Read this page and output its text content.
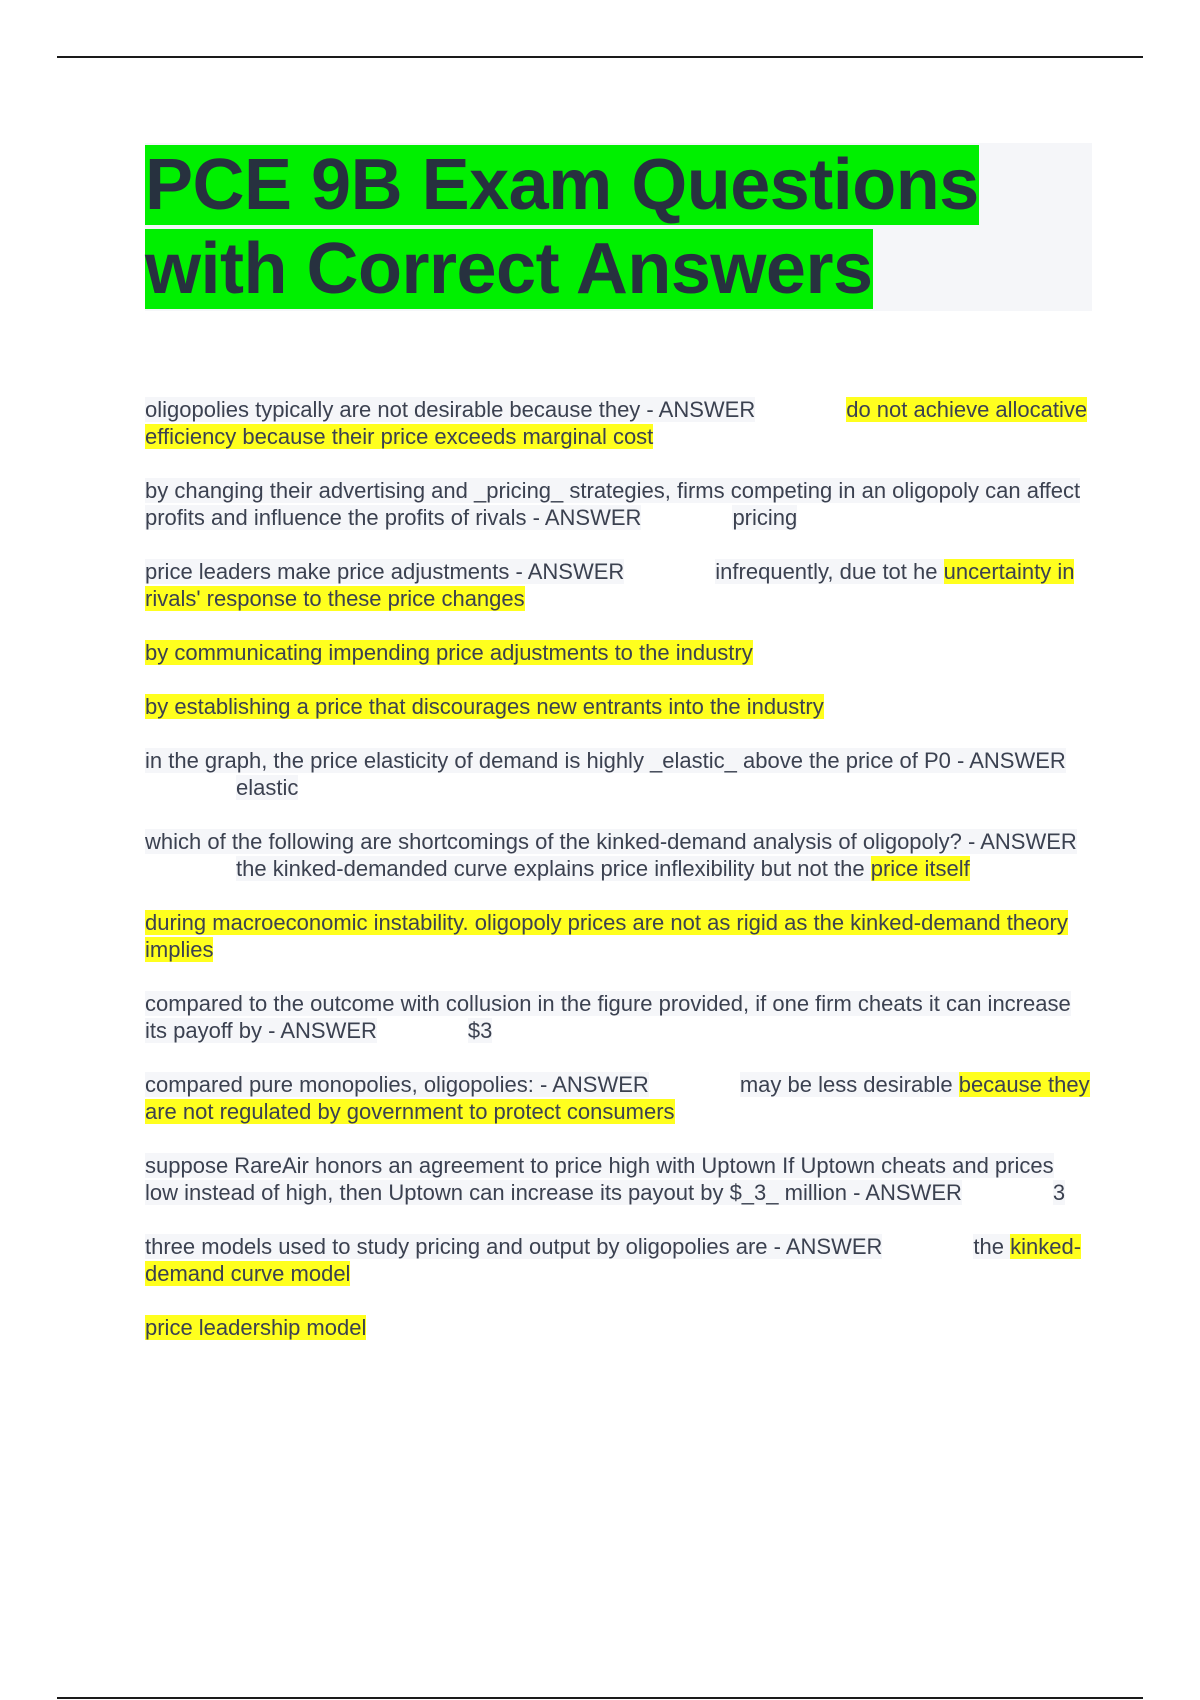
PCE 9B Exam Questions
with Correct Answers
oligopolies typically are not desirable because they - ANSWER	do not achieve allocative efficiency because their price exceeds marginal cost
by changing their advertising and _pricing_ strategies, firms competing in an oligopoly can affect profits and influence the profits of rivals - ANSWER	pricing
price leaders make price adjustments - ANSWER	infrequently, due tot he uncertainty in rivals' response to these price changes
by communicating impending price adjustments to the industry
by establishing a price that discourages new entrants into the industry
in the graph, the price elasticity of demand is highly _elastic_ above the price of P0 - ANSWERelastic
which of the following are shortcomings of the kinked-demand analysis of oligopoly? - ANSWERthe kinked-demanded curve explains price inflexibility but not the price itself
during macroeconomic instability. oligopoly prices are not as rigid as the kinked-demand theory implies
compared to the outcome with collusion in the figure provided, if one firm cheats it can increase its payoff by - ANSWER	$3
compared pure monopolies, oligopolies: - ANSWER	may be less desirable because they are not regulated by government to protect consumers
suppose RareAir honors an agreement to price high with Uptown If Uptown cheats and prices low instead of high, then Uptown can increase its payout by $_3_ million - ANSWER	3
three models used to study pricing and output by oligopolies are - ANSWER	the kinked-demand curve model
price leadership model
